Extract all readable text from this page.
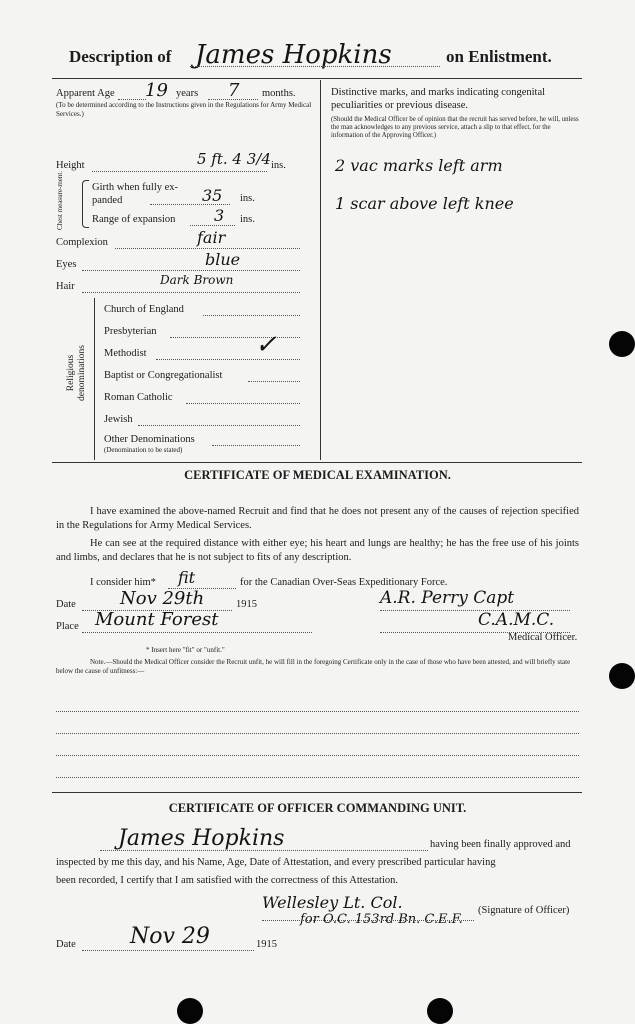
Description of James Hopkins	on Enlistment.
Apparent Age 19 years 7 months.
(To be determined according to the Instructions given in the Regulations for Army Medical Services.)
Height	5 ft. 4 3/4 ins.
Chest measure-ment.	Girth when fully ex-panded	35 ins.
Range of expansion 3 ins.
Complexion	fair
Eyes	blue
Hair	Dark Brown
Religious denominations
Church of England
Presbyterian
Methodist	✓
Baptist or Congregationalist
Roman Catholic
Jewish
Other Denominations
(Denomination to be stated)
Distinctive marks, and marks indicating congenital peculiarities or previous disease.
(Should the Medical Officer be of opinion that the recruit has served before, he will, unless the man acknowledges to any previous service, attach a slip to that effect, for the information of the Approving Officer.)
2 vac marks left arm
1 scar above left knee
CERTIFICATE OF MEDICAL EXAMINATION.
I have examined the above-named Recruit and find that he does not present any of the causes of rejection specified in the Regulations for Army Medical Services.
He can see at the required distance with either eye; his heart and lungs are healthy; he has the free use of his joints and limbs, and declares that he is not subject to fits of any description.
I consider him* fit	for the Canadian Over-Seas Expeditionary Force.
Date Nov 29th	1915	A.R. Perry Capt
Place Mount Forest	C.A.M.C.
Medical Officer.
* Insert here "fit" or "unfit."
Note.—Should the Medical Officer consider the Recruit unfit, he will fill in the foregoing Certificate only in the case of those who have been attested, and will briefly state below the cause of unfitness:—
CERTIFICATE OF OFFICER COMMANDING UNIT.
James Hopkins	having been finally approved and
inspected by me this day, and his Name, Age, Date of Attestation, and every prescribed particular having
been recorded, I certify that I am satisfied with the correctness of this Attestation.
Wellesley Lt. Col.
for O.C. 153rd Bn. C.E.F.
(Signature of Officer)
Date Nov 29	1915
